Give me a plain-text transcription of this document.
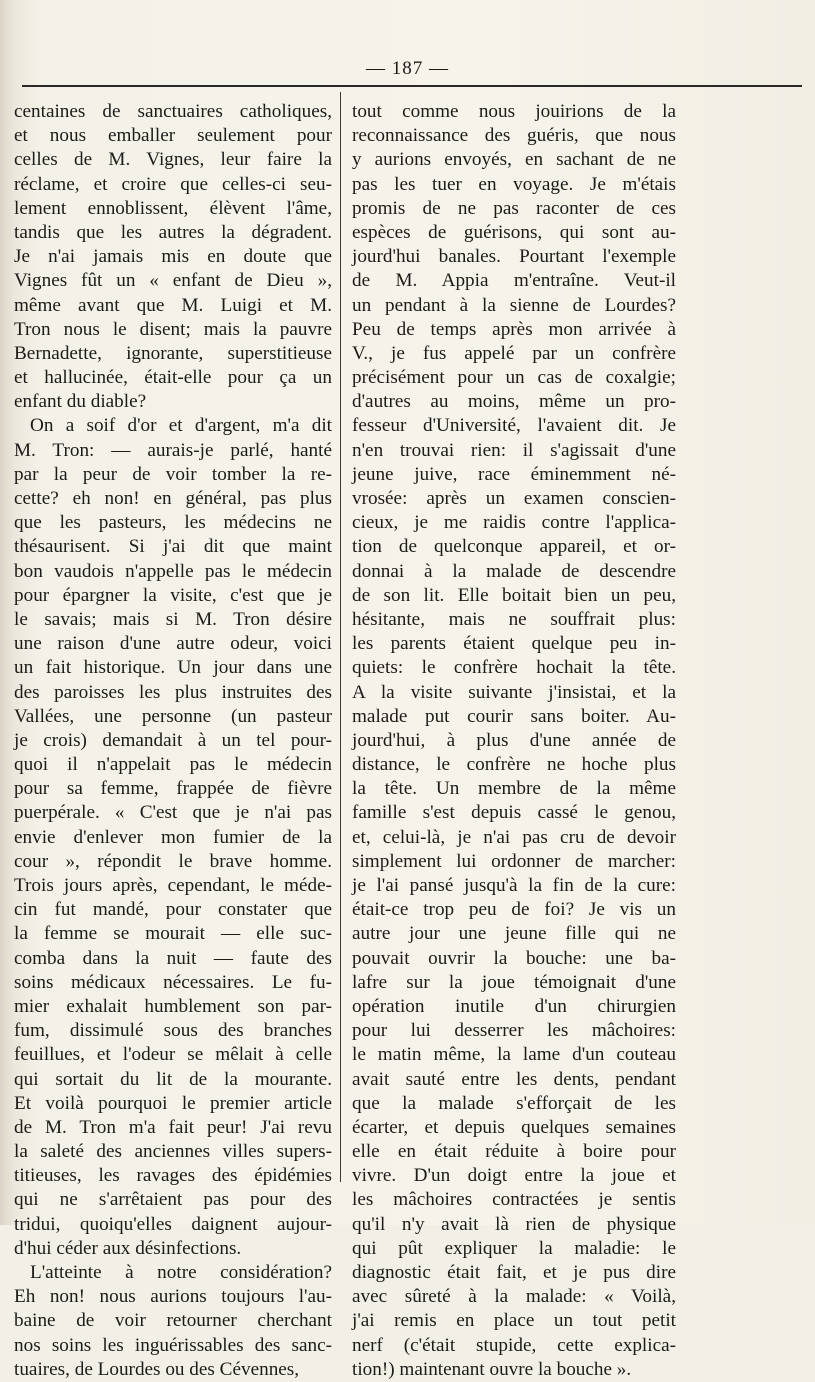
— 187 —
centaines de sanctuaires catholiques,
et nous emballer seulement pour
celles de M. Vignes, leur faire la
réclame, et croire que celles-ci seu-
lement ennoblissent, élèvent l'âme,
tandis que les autres la dégradent.
Je n'ai jamais mis en doute que
Vignes fût un « enfant de Dieu »,
même avant que M. Luigi et M.
Tron nous le disent; mais la pauvre
Bernadette, ignorante, superstitieuse
et hallucinée, était-elle pour ça un
enfant du diable?
On a soif d'or et d'argent, m'a dit
M. Tron: — aurais-je parlé, hanté
par la peur de voir tomber la re-
cette? eh non! en général, pas plus
que les pasteurs, les médecins ne
thésaurisent. Si j'ai dit que maint
bon vaudois n'appelle pas le médecin
pour épargner la visite, c'est que je
le savais; mais si M. Tron désire
une raison d'une autre odeur, voici
un fait historique. Un jour dans une
des paroisses les plus instruites des
Vallées, une personne (un pasteur
je crois) demandait à un tel pour-
quoi il n'appelait pas le médecin
pour sa femme, frappée de fièvre
puerpérale. « C'est que je n'ai pas
envie d'enlever mon fumier de la
cour », répondit le brave homme.
Trois jours après, cependant, le méde-
cin fut mandé, pour constater que
la femme se mourait — elle suc-
comba dans la nuit — faute des
soins médicaux nécessaires. Le fu-
mier exhalait humblement son par-
fum, dissimulé sous des branches
feuillues, et l'odeur se mêlait à celle
qui sortait du lit de la mourante.
Et voilà pourquoi le premier article
de M. Tron m'a fait peur! J'ai revu
la saleté des anciennes villes supers-
titieuses, les ravages des épidémies
qui ne s'arrêtaient pas pour des
tridui, quoiqu'elles daignent aujour-
d'hui céder aux désinfections.
L'atteinte à notre considération?
Eh non! nous aurions toujours l'au-
baine de voir retourner cherchant
nos soins les inguérissables des sanc-
tuaires, de Lourdes ou des Cévennes,
tout comme nous jouirions de la
reconnaissance des guéris, que nous
y aurions envoyés, en sachant de ne
pas les tuer en voyage. Je m'étais
promis de ne pas raconter de ces
espèces de guérisons, qui sont au-
jourd'hui banales. Pourtant l'exemple
de M. Appia m'entraîne. Veut-il
un pendant à la sienne de Lourdes?
Peu de temps après mon arrivée à
V., je fus appelé par un confrère
précisément pour un cas de coxalgie;
d'autres au moins, même un pro-
fesseur d'Université, l'avaient dit. Je
n'en trouvai rien: il s'agissait d'une
jeune juive, race éminemment né-
vrosée: après un examen conscien-
cieux, je me raidis contre l'applica-
tion de quelconque appareil, et or-
donnai à la malade de descendre
de son lit. Elle boitait bien un peu,
hésitante, mais ne souffrait plus:
les parents étaient quelque peu in-
quiets: le confrère hochait la tête.
A la visite suivante j'insistai, et la
malade put courir sans boiter. Au-
jourd'hui, à plus d'une année de
distance, le confrère ne hoche plus
la tête. Un membre de la même
famille s'est depuis cassé le genou,
et, celui-là, je n'ai pas cru de devoir
simplement lui ordonner de marcher:
je l'ai pansé jusqu'à la fin de la cure:
était-ce trop peu de foi? Je vis un
autre jour une jeune fille qui ne
pouvait ouvrir la bouche: une ba-
lafre sur la joue témoignait d'une
opération inutile d'un chirurgien
pour lui desserrer les mâchoires:
le matin même, la lame d'un couteau
avait sauté entre les dents, pendant
que la malade s'efforçait de les
écarter, et depuis quelques semaines
elle en était réduite à boire pour
vivre. D'un doigt entre la joue et
les mâchoires contractées je sentis
qu'il n'y avait là rien de physique
qui pût expliquer la maladie: le
diagnostic était fait, et je pus dire
avec sûreté à la malade: « Voilà,
j'ai remis en place un tout petit
nerf (c'était stupide, cette explica-
tion!) maintenant ouvre la bouche ».
